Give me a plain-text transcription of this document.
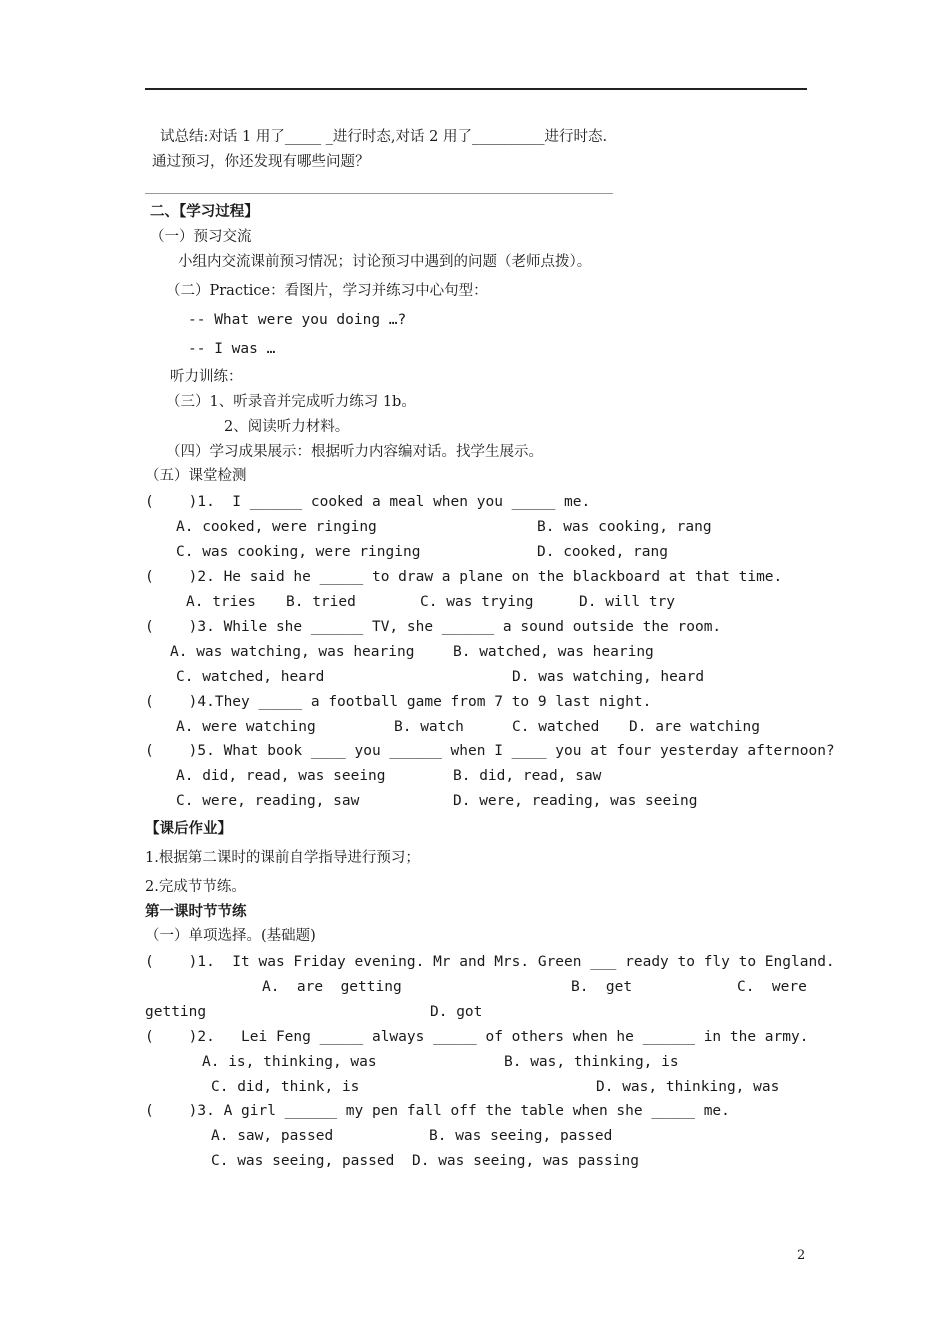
试总结:对话 1 用了_____ _进行时态,对话 2 用了__________进行时态.
通过预习，你还发现有哪些问题？
二、【学习过程】
（一）预习交流
小组内交流课前预习情况；讨论预习中遇到的问题（老师点拨）。
（二）Practice：看图片，学习并练习中心句型：
-- What were you doing …?
-- I was …
听力训练：
（三）1、听录音并完成听力练习 1b。
2、阅读听力材料。
（四）学习成果展示：根据听力内容编对话。找学生展示。
（五）课堂检测
(    )1.  I ______ cooked a meal when you _____ me.
A. cooked, were ringing	B. was cooking, rang
C. was cooking, were ringing	D. cooked, rang
(    )2. He said he _____ to draw a plane on the blackboard at that time.
A. tries B. tried	C. was trying	D. will try
(    )3. While she ______ TV, she ______ a sound outside the room.
A. was watching, was hearing	B. watched, was hearing
C. watched, heard	D. was watching, heard
(    )4.They _____ a football game from 7 to 9 last night.
A. were watching	B. watch	C. watched D. are watching
(    )5. What book ____ you ______ when I ____ you at four yesterday afternoon?
A. did, read, was seeing	B. did, read, saw
C. were, reading, saw	D. were, reading, was seeing
【课后作业】
1.根据第二课时的课前自学指导进行预习；
2.完成节节练。
第一课时节节练
（一）单项选择。(基础题)
(    )1.  It was Friday evening. Mr and Mrs. Green ___ ready to fly to England.
A.  are  getting	B.  get	C.  were
getting	D. got
(    )2.   Lei Feng _____ always _____ of others when he ______ in the army.
A. is, thinking, was	B. was, thinking, is
C. did, think, is	D. was, thinking, was
(    )3. A girl ______ my pen fall off the table when she _____ me.
A. saw, passed	B. was seeing, passed
C. was seeing, passed D. was seeing, was passing
2
